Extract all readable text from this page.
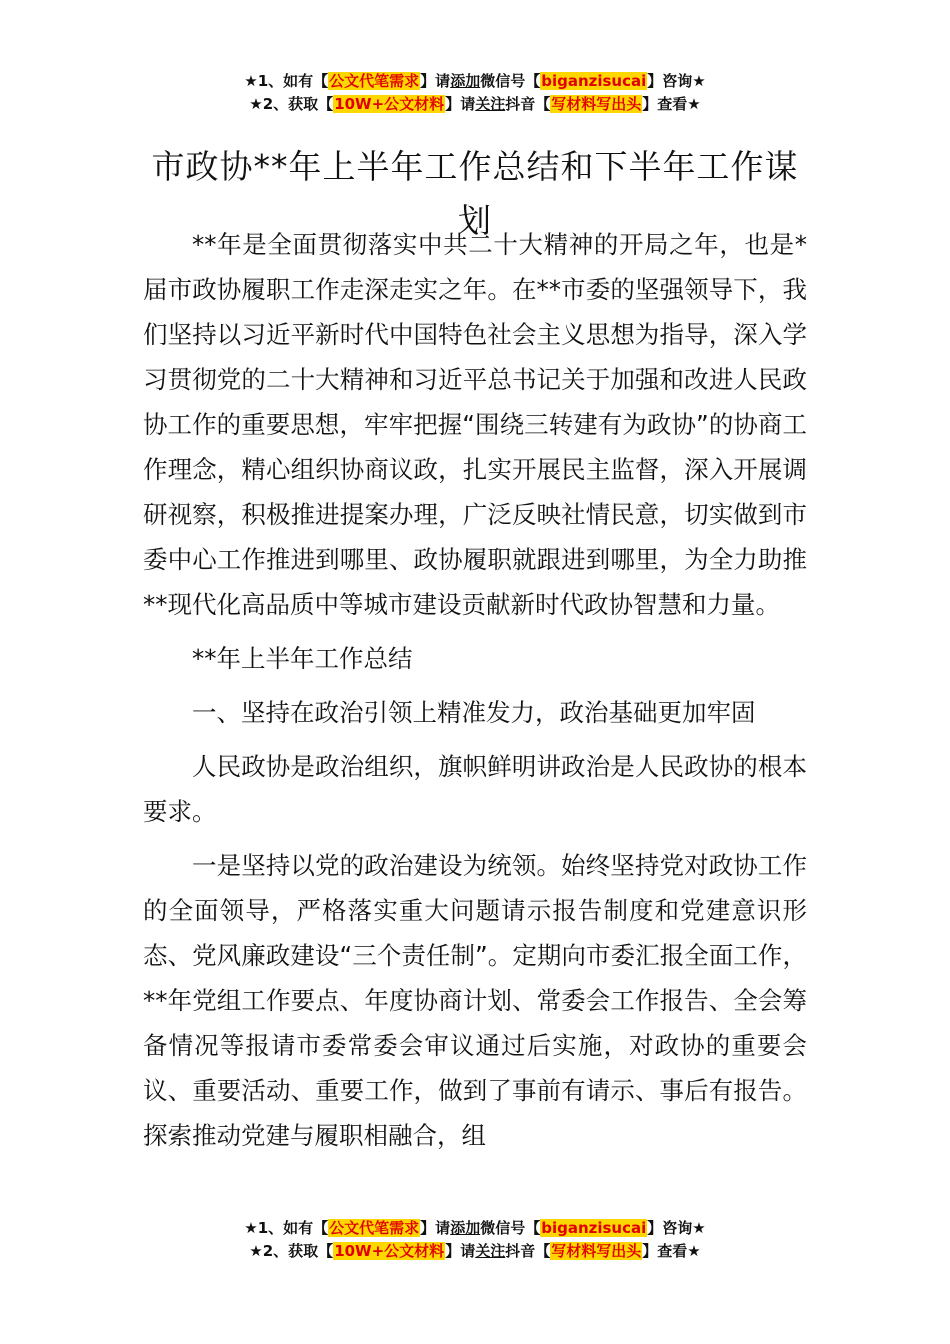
★1、如有【公文代笔需求】请添加微信号【biganzisucai】咨询★
★2、获取【10W+公文材料】请关注抖音【写材料写出头】查看★
市政协**年上半年工作总结和下半年工作谋划

**年是全面贯彻落实中共二十大精神的开局之年，也是*届市政协履职工作走深走实之年。在**市委的坚强领导下，我们坚持以习近平新时代中国特色社会主义思想为指导，深入学习贯彻党的二十大精神和习近平总书记关于加强和改进人民政协工作的重要思想，牢牢把握“围绕三转建有为政协”的协商工作理念，精心组织协商议政，扎实开展民主监督，深入开展调研视察，积极推进提案办理，广泛反映社情民意，切实做到市委中心工作推进到哪里、政协履职就跟进到哪里，为全力助推**现代化高品质中等城市建设贡献新时代政协智慧和力量。

**年上半年工作总结

一、坚持在政治引领上精准发力，政治基础更加牢固

人民政协是政治组织，旗帜鲜明讲政治是人民政协的根本要求。

一是坚持以党的政治建设为统领。始终坚持党对政协工作的全面领导，严格落实重大问题请示报告制度和党建意识形态、党风廉政建设“三个责任制”。定期向市委汇报全面工作，**年党组工作要点、年度协商计划、常委会工作报告、全会筹备情况等报请市委常委会审议通过后实施，对政协的重要会议、重要活动、重要工作，做到了事前有请示、事后有报告。探索推动党建与履职相融合，组

★1、如有【公文代笔需求】请添加微信号【biganzisucai】咨询★
★2、获取【10W+公文材料】请关注抖音【写材料写出头】查看★
